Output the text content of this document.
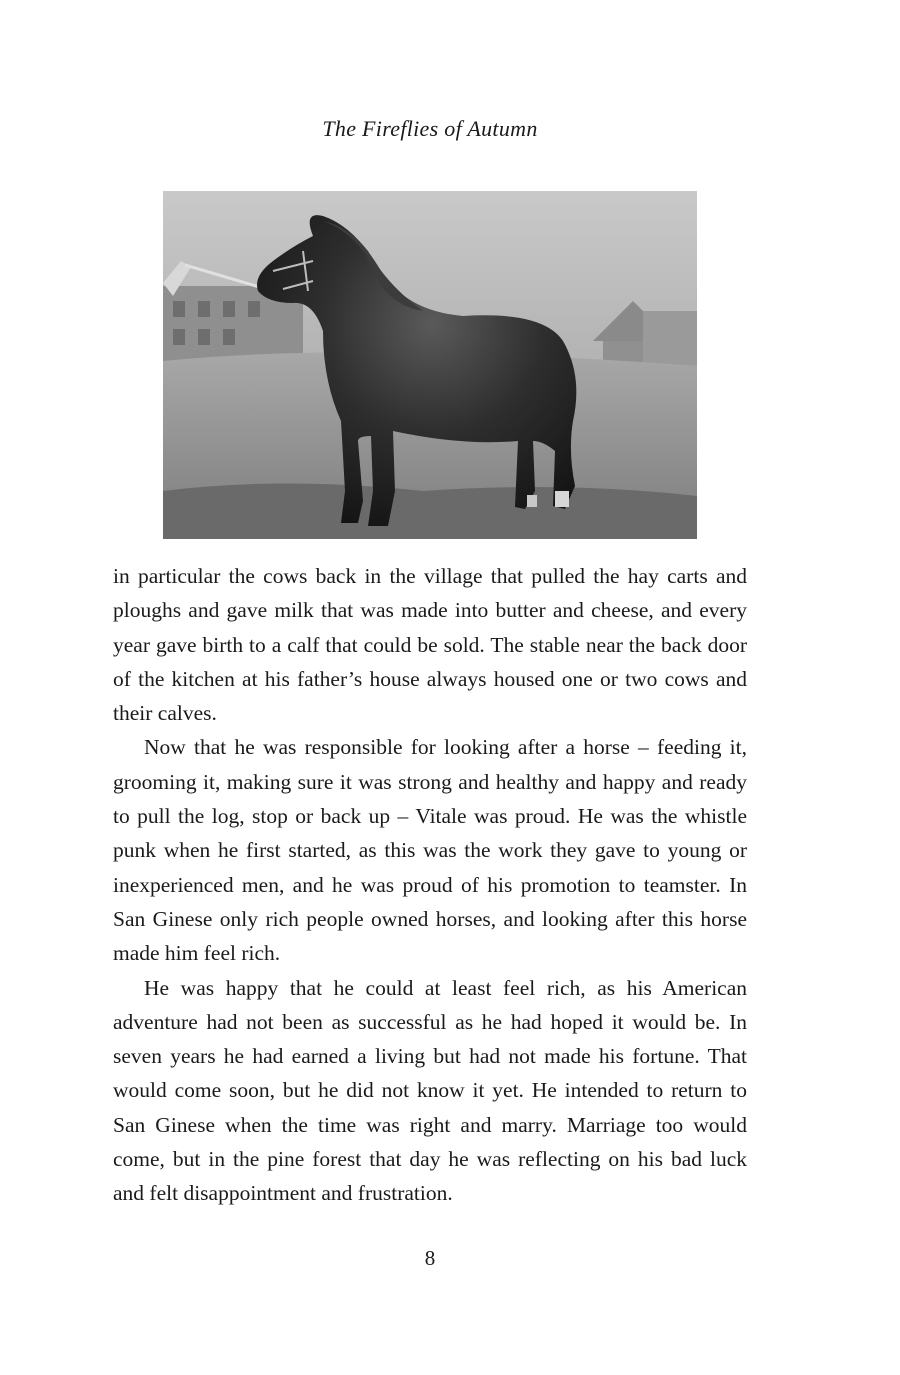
The Fireflies of Autumn

in particular the cows back in the village that pulled the hay carts and ploughs and gave milk that was made into butter and cheese, and every year gave birth to a calf that could be sold. The stable near the back door of the kitchen at his father’s house always housed one or two cows and their calves.

Now that he was responsible for looking after a horse – feeding it, grooming it, making sure it was strong and healthy and happy and ready to pull the log, stop or back up – Vitale was proud. He was the whistle punk when he first started, as this was the work they gave to young or inexperienced men, and he was proud of his promotion to teamster. In San Ginese only rich people owned horses, and looking after this horse made him feel rich.

He was happy that he could at least feel rich, as his American adventure had not been as successful as he had hoped it would be. In seven years he had earned a living but had not made his fortune. That would come soon, but he did not know it yet. He intended to return to San Ginese when the time was right and marry. Marriage too would come, but in the pine forest that day he was reflecting on his bad luck and felt disappointment and frustration.

8
